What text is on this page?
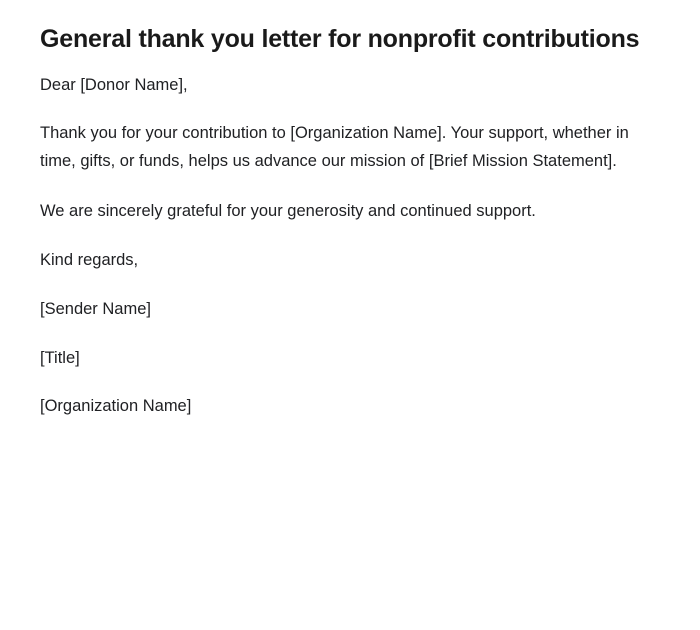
General thank you letter for nonprofit contributions

Dear [Donor Name],

Thank you for your contribution to [Organization Name]. Your support, whether in time, gifts, or funds, helps us advance our mission of [Brief Mission Statement].

We are sincerely grateful for your generosity and continued support.

Kind regards,

[Sender Name]

[Title]

[Organization Name]
